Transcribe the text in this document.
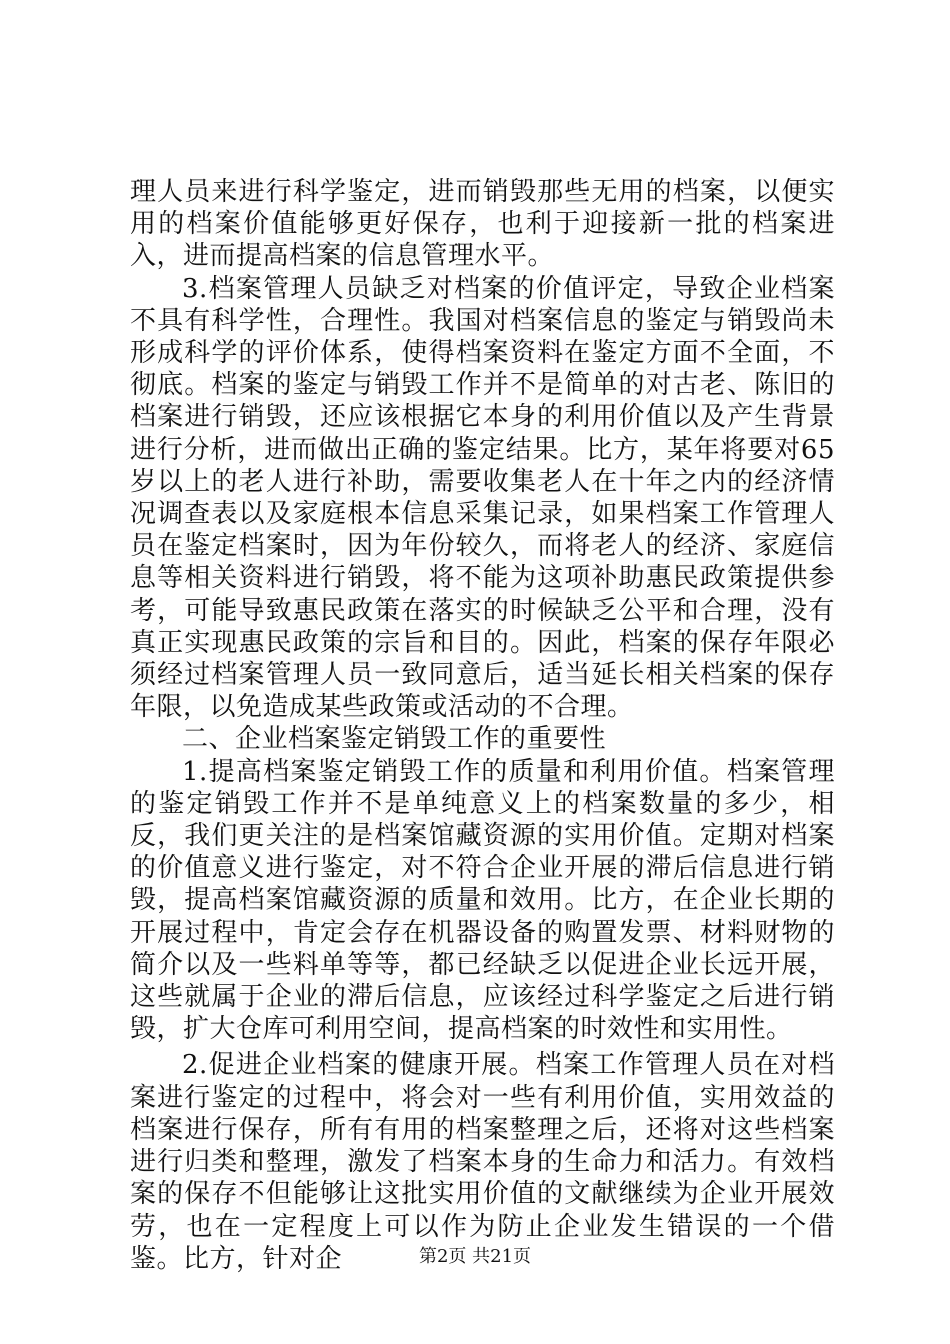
理人员来进行科学鉴定，进而销毁那些无用的档案，以便实用的档案价值能够更好保存，也利于迎接新一批的档案进入，进而提高档案的信息管理水平。

3.档案管理人员缺乏对档案的价值评定，导致企业档案不具有科学性，合理性。我国对档案信息的鉴定与销毁尚未形成科学的评价体系，使得档案资料在鉴定方面不全面，不彻底。档案的鉴定与销毁工作并不是简单的对古老、陈旧的档案进行销毁，还应该根据它本身的利用价值以及产生背景进行分析，进而做出正确的鉴定结果。比方，某年将要对65岁以上的老人进行补助，需要收集老人在十年之内的经济情况调查表以及家庭根本信息采集记录，如果档案工作管理人员在鉴定档案时，因为年份较久，而将老人的经济、家庭信息等相关资料进行销毁，将不能为这项补助惠民政策提供参考，可能导致惠民政策在落实的时候缺乏公平和合理，没有真正实现惠民政策的宗旨和目的。因此，档案的保存年限必须经过档案管理人员一致同意后，适当延长相关档案的保存年限，以免造成某些政策或活动的不合理。

二、企业档案鉴定销毁工作的重要性

1.提高档案鉴定销毁工作的质量和利用价值。档案管理的鉴定销毁工作并不是单纯意义上的档案数量的多少，相反，我们更关注的是档案馆藏资源的实用价值。定期对档案的价值意义进行鉴定，对不符合企业开展的滞后信息进行销毁，提高档案馆藏资源的质量和效用。比方，在企业长期的开展过程中，肯定会存在机器设备的购置发票、材料财物的简介以及一些料单等等，都已经缺乏以促进企业长远开展，这些就属于企业的滞后信息，应该经过科学鉴定之后进行销毁，扩大仓库可利用空间，提高档案的时效性和实用性。

2.促进企业档案的健康开展。档案工作管理人员在对档案进行鉴定的过程中，将会对一些有利用价值，实用效益的档案进行保存，所有有用的档案整理之后，还将对这些档案进行归类和整理，激发了档案本身的生命力和活力。有效档案的保存不但能够让这批实用价值的文献继续为企业开展效劳，也在一定程度上可以作为防止企业发生错误的一个借鉴。比方，针对企	第2页 共21页
